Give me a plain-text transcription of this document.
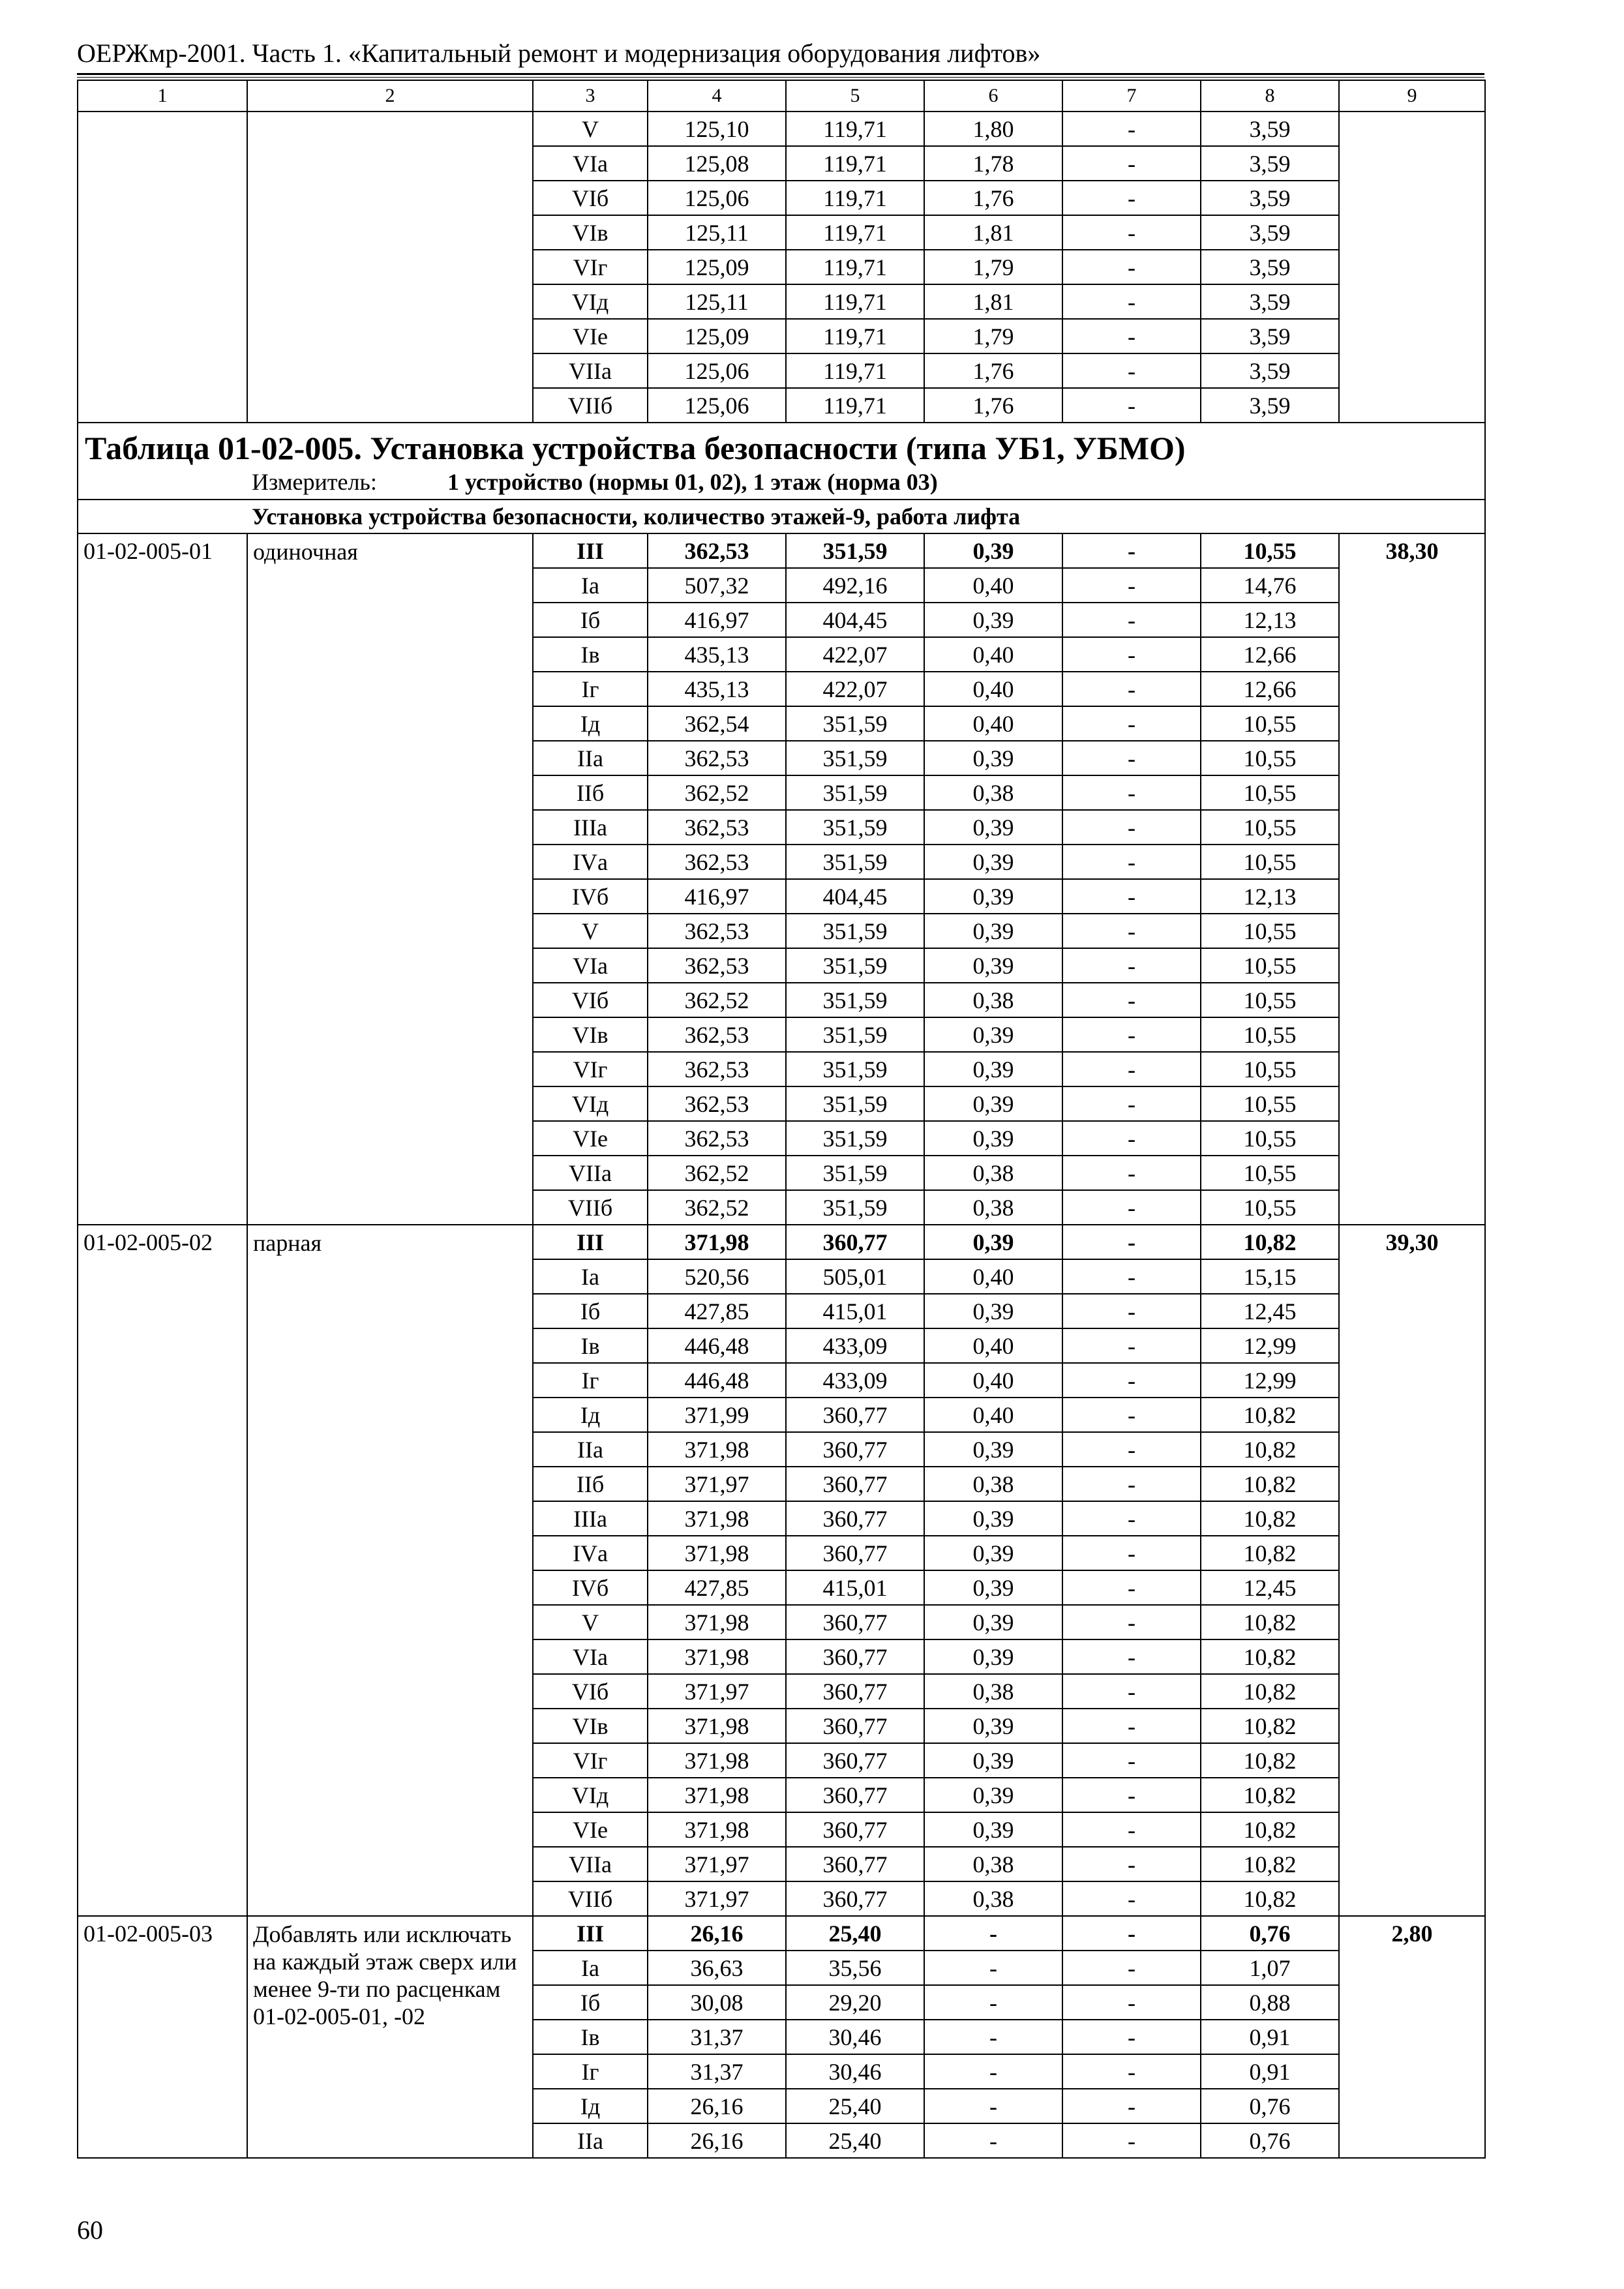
ОЕРЖмр-2001. Часть 1. «Капитальный ремонт и модернизация оборудования лифтов»
1	2	3	4	5	6	7	8	9
		V	125,10	119,71	1,80	-	3,59	
		VIа	125,08	119,71	1,78	-	3,59	
		VIб	125,06	119,71	1,76	-	3,59	
		VIв	125,11	119,71	1,81	-	3,59	
		VIг	125,09	119,71	1,79	-	3,59	
		VIд	125,11	119,71	1,81	-	3,59	
		VIе	125,09	119,71	1,79	-	3,59	
		VIIа	125,06	119,71	1,76	-	3,59	
		VIIб	125,06	119,71	1,76	-	3,59	

Таблица 01-02-005. Установка устройства безопасности (типа УБ1, УБМО)
Измеритель: 1 устройство (нормы 01, 02), 1 этаж (норма 03)								

Установка устройства безопасности, количество этажей-9, работа лифта								
01-02-005-01	одиночная	III	362,53	351,59	0,39	-	10,55	38,30
		Iа	507,32	492,16	0,40	-	14,76	
		Iб	416,97	404,45	0,39	-	12,13	
		Iв	435,13	422,07	0,40	-	12,66	
		Iг	435,13	422,07	0,40	-	12,66	
		Iд	362,54	351,59	0,40	-	10,55	
		IIа	362,53	351,59	0,39	-	10,55	
		IIб	362,52	351,59	0,38	-	10,55	
		IIIа	362,53	351,59	0,39	-	10,55	
		IVа	362,53	351,59	0,39	-	10,55	
		IVб	416,97	404,45	0,39	-	12,13	
		V	362,53	351,59	0,39	-	10,55	
		VIа	362,53	351,59	0,39	-	10,55	
		VIб	362,52	351,59	0,38	-	10,55	
		VIв	362,53	351,59	0,39	-	10,55	
		VIг	362,53	351,59	0,39	-	10,55	
		VIд	362,53	351,59	0,39	-	10,55	
		VIе	362,53	351,59	0,39	-	10,55	
		VIIа	362,52	351,59	0,38	-	10,55	
		VIIб	362,52	351,59	0,38	-	10,55	
01-02-005-02	парная	III	371,98	360,77	0,39	-	10,82	39,30
		Iа	520,56	505,01	0,40	-	15,15	
		Iб	427,85	415,01	0,39	-	12,45	
		Iв	446,48	433,09	0,40	-	12,99	
		Iг	446,48	433,09	0,40	-	12,99	
		Iд	371,99	360,77	0,40	-	10,82	
		IIа	371,98	360,77	0,39	-	10,82	
		IIб	371,97	360,77	0,38	-	10,82	
		IIIа	371,98	360,77	0,39	-	10,82	
		IVа	371,98	360,77	0,39	-	10,82	
		IVб	427,85	415,01	0,39	-	12,45	
		V	371,98	360,77	0,39	-	10,82	
		VIа	371,98	360,77	0,39	-	10,82	
		VIб	371,97	360,77	0,38	-	10,82	
		VIв	371,98	360,77	0,39	-	10,82	
		VIг	371,98	360,77	0,39	-	10,82	
		VIд	371,98	360,77	0,39	-	10,82	
		VIе	371,98	360,77	0,39	-	10,82	
		VIIа	371,97	360,77	0,38	-	10,82	
		VIIб	371,97	360,77	0,38	-	10,82	
01-02-005-03	Добавлять или исключать на каждый этаж сверх или менее 9-ти по расценкам 01-02-005-01, -02	III	26,16	25,40	-	-	0,76	2,80
		Iа	36,63	35,56	-	-	1,07	
		Iб	30,08	29,20	-	-	0,88	
		Iв	31,37	30,46	-	-	0,91	
		Iг	31,37	30,46	-	-	0,91	
		Iд	26,16	25,40	-	-	0,76	
		IIа	26,16	25,40	-	-	0,76	
60
